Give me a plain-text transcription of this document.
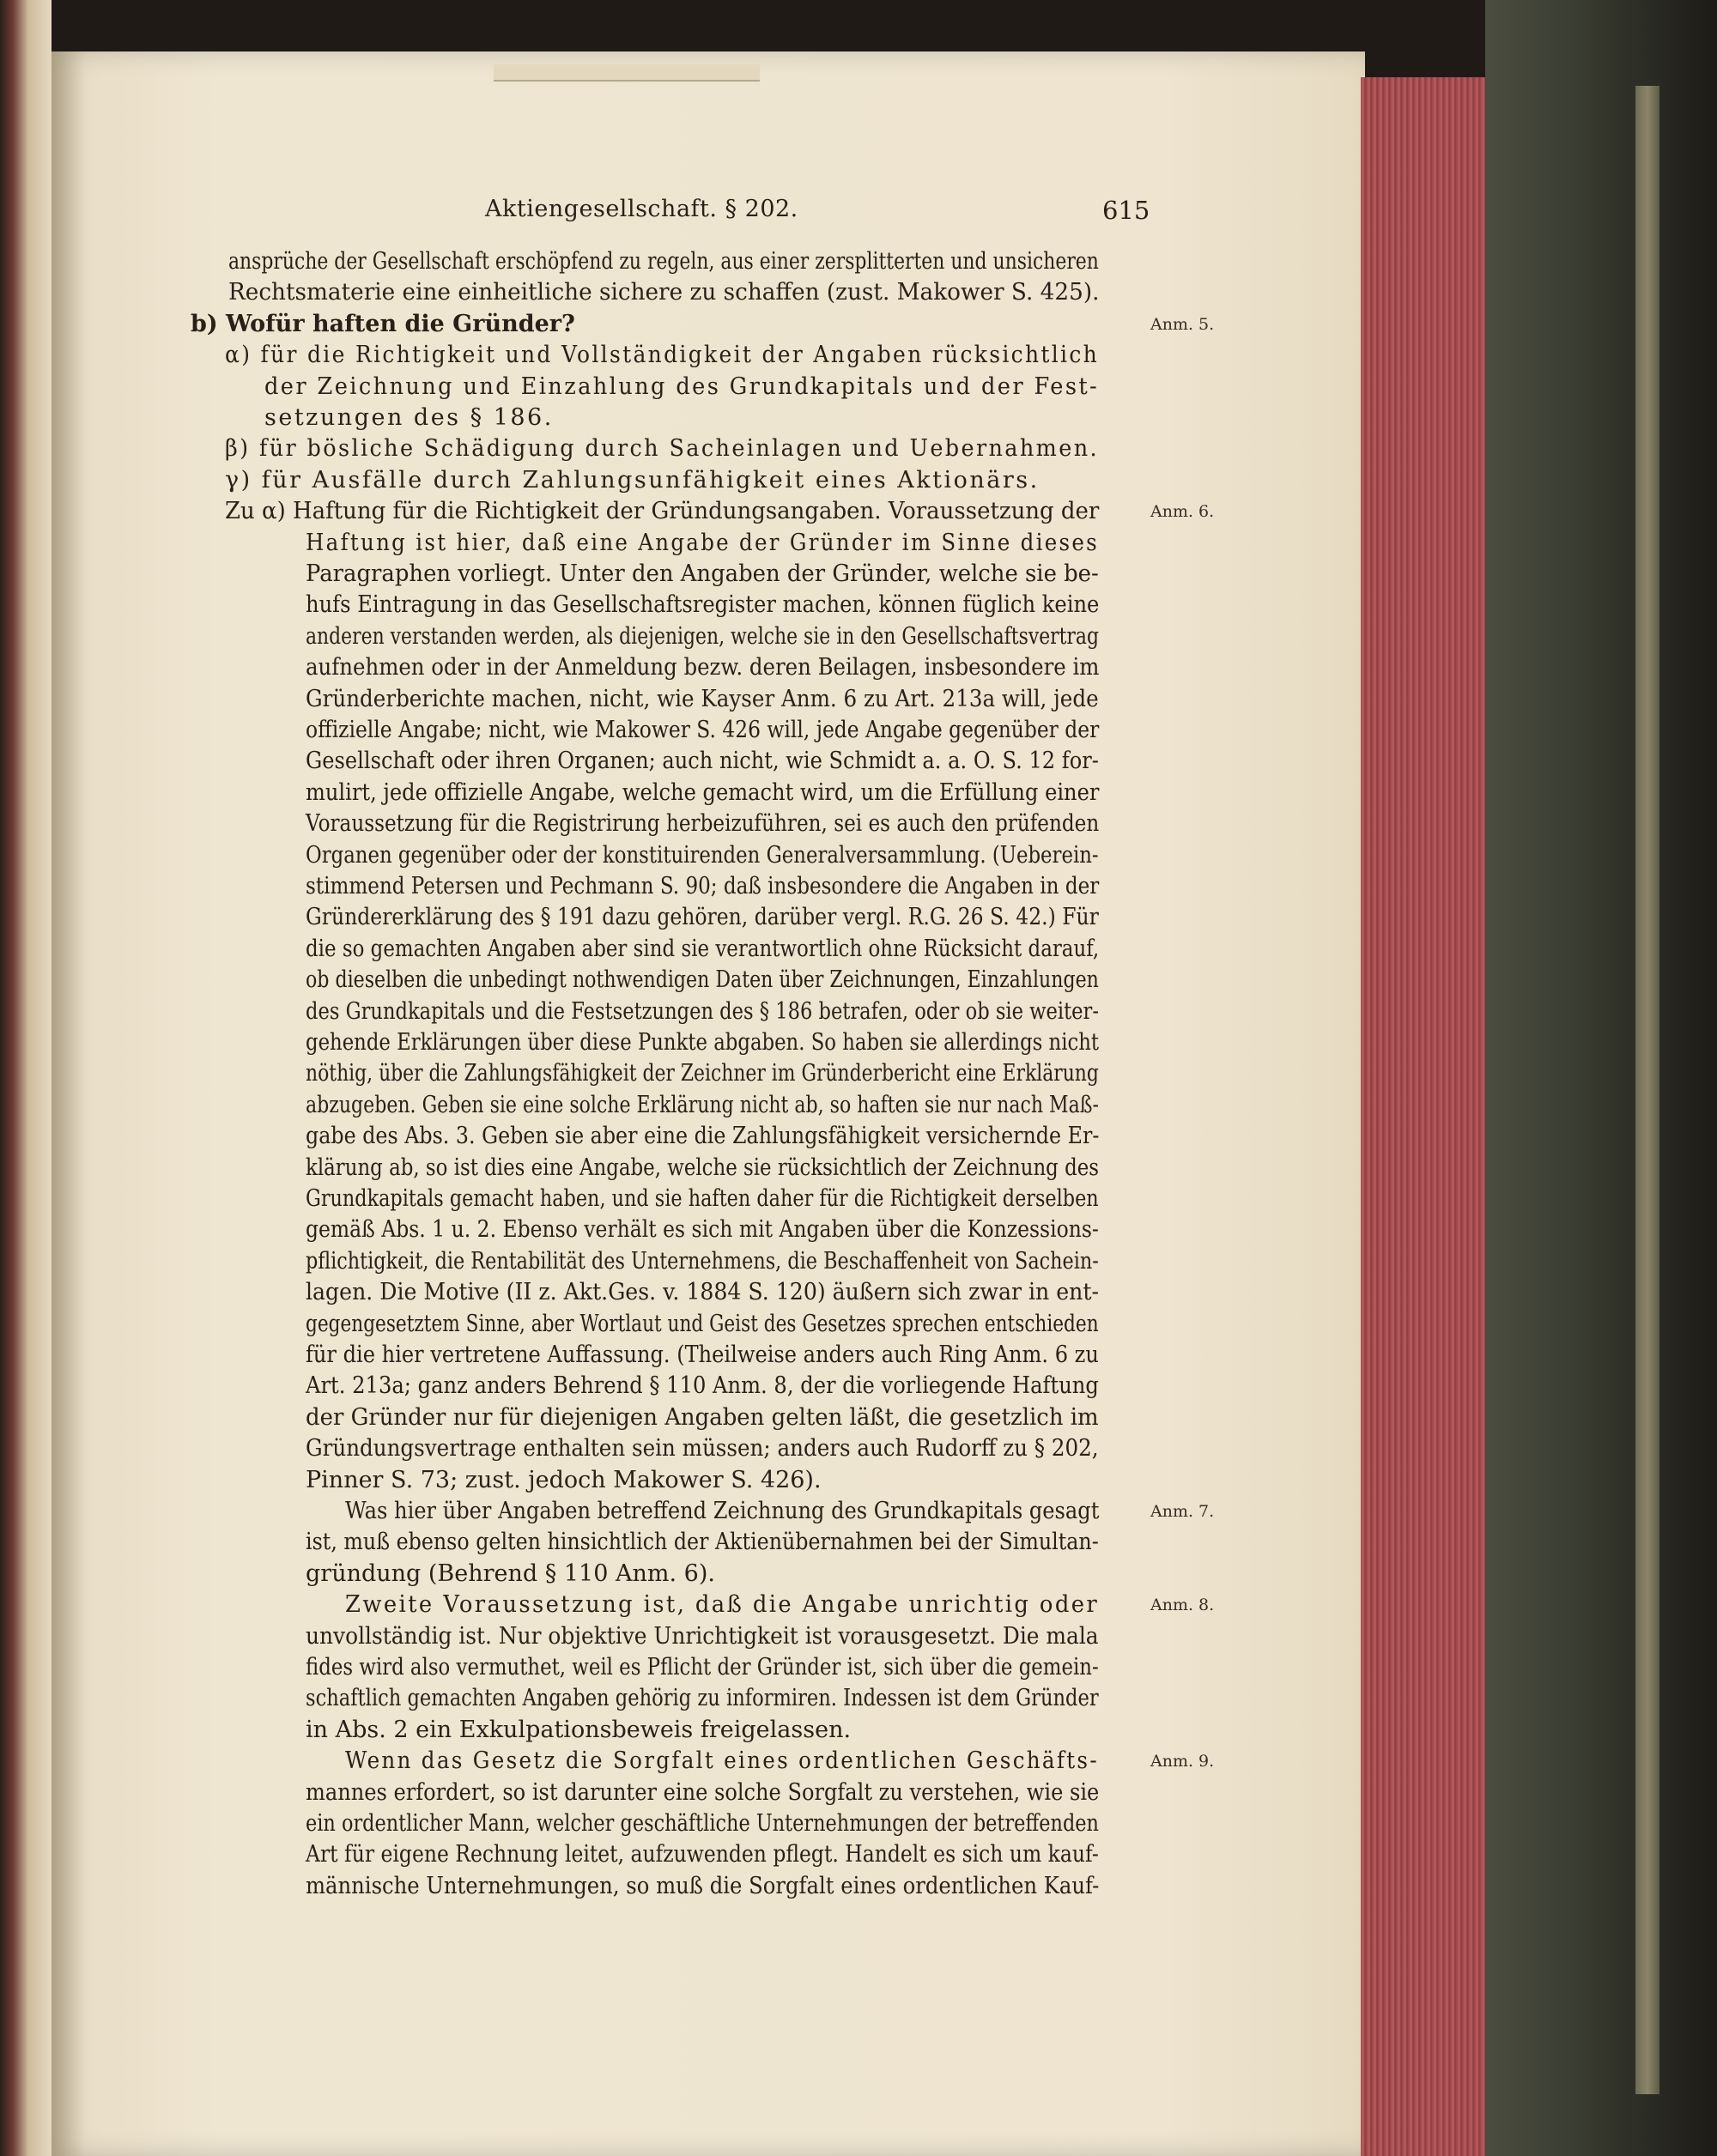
Aktiengesellschaft. § 202.	615
ansprüche der Gesellschaft erschöpfend zu regeln, aus einer zersplitterten und unsicheren
Rechtsmaterie eine einheitliche sichere zu schaffen (zust. Makower S. 425).
b) Wofür haften die Gründer?
α) für die Richtigkeit und Vollständigkeit der Angaben rücksichtlich
der Zeichnung und Einzahlung des Grundkapitals und der Fest-
setzungen des § 186.
β) für bösliche Schädigung durch Sacheinlagen und Uebernahmen.
γ) für Ausfälle durch Zahlungsunfähigkeit eines Aktionärs.
Zu α) Haftung für die Richtigkeit der Gründungsangaben. Voraussetzung der
Haftung ist hier, daß eine Angabe der Gründer im Sinne dieses
Paragraphen vorliegt. Unter den Angaben der Gründer, welche sie be-
hufs Eintragung in das Gesellschaftsregister machen, können füglich keine
anderen verstanden werden, als diejenigen, welche sie in den Gesellschaftsvertrag
aufnehmen oder in der Anmeldung bezw. deren Beilagen, insbesondere im
Gründerberichte machen, nicht, wie Kayser Anm. 6 zu Art. 213a will, jede
offizielle Angabe; nicht, wie Makower S. 426 will, jede Angabe gegenüber der
Gesellschaft oder ihren Organen; auch nicht, wie Schmidt a. a. O. S. 12 for-
mulirt, jede offizielle Angabe, welche gemacht wird, um die Erfüllung einer
Voraussetzung für die Registrirung herbeizuführen, sei es auch den prüfenden
Organen gegenüber oder der konstituirenden Generalversammlung. (Ueberein-
stimmend Petersen und Pechmann S. 90; daß insbesondere die Angaben in der
Gründererklärung des § 191 dazu gehören, darüber vergl. R.G. 26 S. 42.) Für
die so gemachten Angaben aber sind sie verantwortlich ohne Rücksicht darauf,
ob dieselben die unbedingt nothwendigen Daten über Zeichnungen, Einzahlungen
des Grundkapitals und die Festsetzungen des § 186 betrafen, oder ob sie weiter-
gehende Erklärungen über diese Punkte abgaben. So haben sie allerdings nicht
nöthig, über die Zahlungsfähigkeit der Zeichner im Gründerbericht eine Erklärung
abzugeben. Geben sie eine solche Erklärung nicht ab, so haften sie nur nach Maß-
gabe des Abs. 3. Geben sie aber eine die Zahlungsfähigkeit versichernde Er-
klärung ab, so ist dies eine Angabe, welche sie rücksichtlich der Zeichnung des
Grundkapitals gemacht haben, und sie haften daher für die Richtigkeit derselben
gemäß Abs. 1 u. 2. Ebenso verhält es sich mit Angaben über die Konzessions-
pflichtigkeit, die Rentabilität des Unternehmens, die Beschaffenheit von Sachein-
lagen. Die Motive (II z. Akt.Ges. v. 1884 S. 120) äußern sich zwar in ent-
gegengesetztem Sinne, aber Wortlaut und Geist des Gesetzes sprechen entschieden
für die hier vertretene Auffassung. (Theilweise anders auch Ring Anm. 6 zu
Art. 213a; ganz anders Behrend § 110 Anm. 8, der die vorliegende Haftung
der Gründer nur für diejenigen Angaben gelten läßt, die gesetzlich im
Gründungsvertrage enthalten sein müssen; anders auch Rudorff zu § 202,
Pinner S. 73; zust. jedoch Makower S. 426).
Was hier über Angaben betreffend Zeichnung des Grundkapitals gesagt
ist, muß ebenso gelten hinsichtlich der Aktienübernahmen bei der Simultan-
gründung (Behrend § 110 Anm. 6).
Zweite Voraussetzung ist, daß die Angabe unrichtig oder
unvollständig ist. Nur objektive Unrichtigkeit ist vorausgesetzt. Die mala
fides wird also vermuthet, weil es Pflicht der Gründer ist, sich über die gemein-
schaftlich gemachten Angaben gehörig zu informiren. Indessen ist dem Gründer
in Abs. 2 ein Exkulpationsbeweis freigelassen.
Wenn das Gesetz die Sorgfalt eines ordentlichen Geschäfts-
mannes erfordert, so ist darunter eine solche Sorgfalt zu verstehen, wie sie
ein ordentlicher Mann, welcher geschäftliche Unternehmungen der betreffenden
Art für eigene Rechnung leitet, aufzuwenden pflegt. Handelt es sich um kauf-
männische Unternehmungen, so muß die Sorgfalt eines ordentlichen Kauf-
Anm. 5.
Anm. 6.
Anm. 7.
Anm. 8.
Anm. 9.
